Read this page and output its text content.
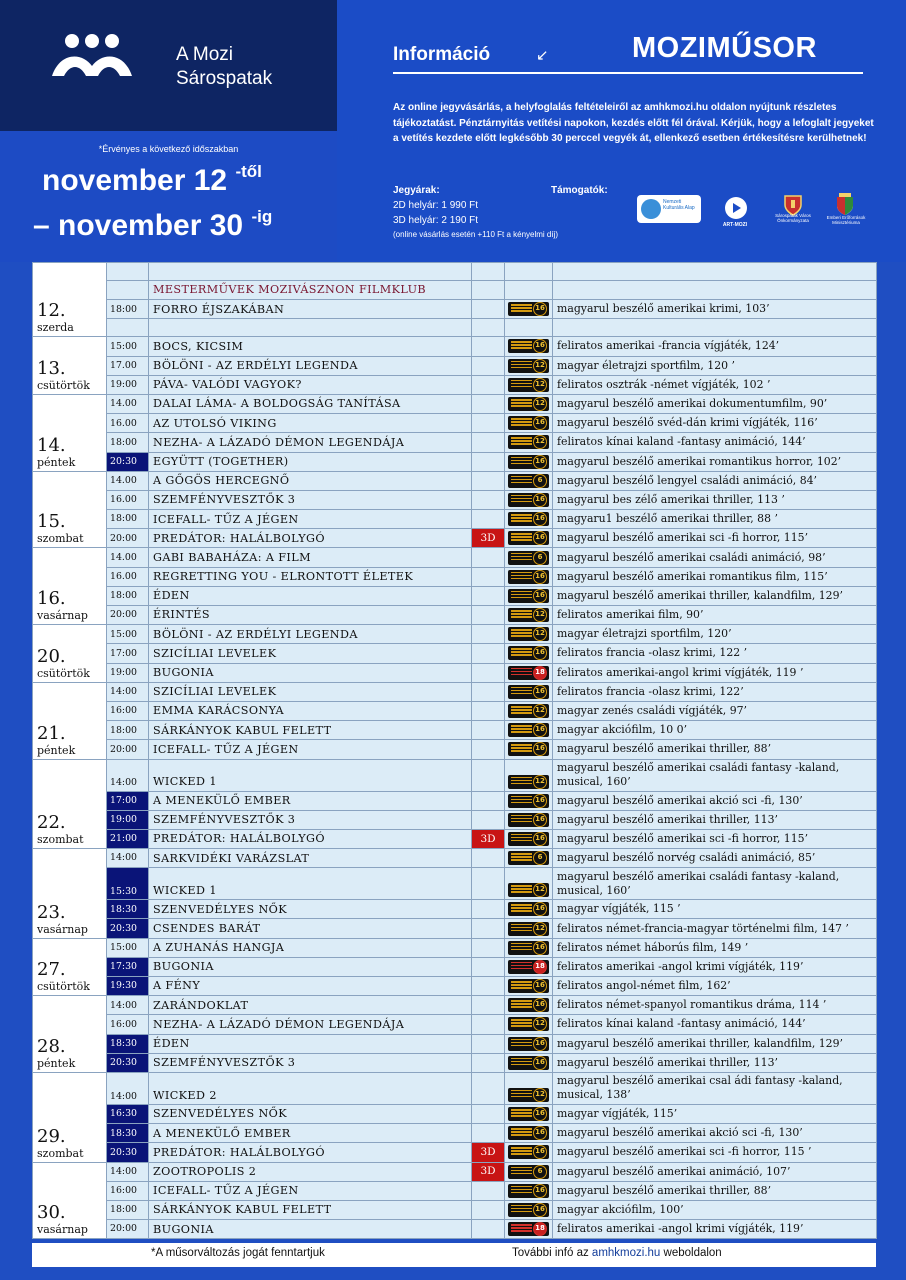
A Mozi
Sárospatak
*Érvényes a következő időszakban
november 12 $^{-től}$
– november 30 $^{-ig}$
Információ	↙	MOZIMŰSOR
Az online jegyvásárlás, a helyfoglalás feltételeiről az amhkmozi.hu oldalon nyújtunk részletes tájékoztatást. Pénztárnyitás vetítési napokon, kezdés előtt fél órával. Kérjük, hogy a lefoglalt jegyeket a vetítés kezdete előtt legkésőbb 30 perccel vegyék át, ellenkező esetben értékesítésre kerülhetnek!
Jegyárak:
2D helyár: 1 990 Ft
3D helyár: 2 190 Ft
(online vásárlás esetén +110 Ft a kényelmi díj)
Támogatók:
Nemzeti Kulturális Alap
ART-MOZI
Sárospatak Város Önkormányzata
Emberi Erőforrások Minisztériuma
12.
szerda					

		MESTERMŰVEK MOZIVÁSZNON FILMKLUB			
	18:00	FORRO ÉJSZAKÁBAN		16	magyarul beszélő amerikai krimi, 103’

13.
csütörtök	15:00	BOCS, KICSIM		16	feliratos amerikai -francia vígjáték, 124’
	17.00	BÖLÖNI - AZ ERDÉLYI LEGENDA		12	magyar életrajzi sportfilm, 120 ’
	19:00	PÁVA- VALÓDI VAGYOK?		12	feliratos osztrák -német vígjáték, 102 ’

14.
péntek	14.00	DALAI LÁMA- A BOLDOGSÁG TANÍTÁSA		12	magyarul beszélő amerikai dokumentumfilm, 90’
	16.00	AZ UTOLSÓ VIKING		16	magyarul beszélő svéd-dán krimi vígjáték, 116’
	18:00	NEZHA- A LÁZADÓ DÉMON LEGENDÁJA		12	feliratos kínai kaland -fantasy animáció, 144’
	20:30	EGYÜTT (TOGETHER)		16	magyarul beszélő amerikai romantikus horror, 102’

15.
szombat	14.00	A GŐGÖS HERCEGNŐ		6	magyarul beszélő lengyel családi animáció, 84’
	16.00	SZEMFÉNYVESZTŐK 3		16	magyarul bes zélő amerikai thriller, 113 ’
	18:00	ICEFALL- TŰZ A JÉGEN		16	magyaru1 beszélő amerikai thriller, 88 ’
	20:00	PREDÁTOR: HALÁLBOLYGÓ	3D	16	magyarul beszélő amerikai sci -fi horror, 115’

16.
vasárnap	14.00	GABI BABAHÁZA: A FILM		6	magyarul beszélő amerikai családi animáció, 98’
	16.00	REGRETTING YOU - ELRONTOTT ÉLETEK		16	magyarul beszélő amerikai romantikus film, 115’
	18:00	ÉDEN		16	magyarul beszélő amerikai thriller, kalandfilm, 129’
	20:00	ÉRINTÉS		12	feliratos amerikai film, 90’

20.
csütörtök	15:00	BÖLÖNI - AZ ERDÉLYI LEGENDA		12	magyar életrajzi sportfilm, 120’
	17:00	SZICÍLIAI LEVELEK		16	feliratos francia -olasz krimi, 122 ’
	19:00	BUGONIA		18	feliratos amerikai-angol krimi vígjáték, 119 ’

21.
péntek	14:00	SZICÍLIAI LEVELEK		16	feliratos francia -olasz krimi, 122’
	16:00	EMMA KARÁCSONYA		12	magyar zenés családi vígjáték, 97’
	18:00	SÁRKÁNYOK KABUL FELETT		16	magyar akciófilm, 10 0’
	20:00	ICEFALL- TŰZ A JÉGEN		16	magyarul beszélő amerikai thriller, 88’

22.
szombat	14:00	WICKED 1		12	magyarul beszélő amerikai családi fantasy -kaland, musical, 160’
	17:00	A MENEKÜLŐ EMBER		16	magyarul beszélő amerikai akció sci -fi, 130’
	19:00	SZEMFÉNYVESZTŐK 3		16	magyarul beszélő amerikai thriller, 113’
	21:00	PREDÁTOR: HALÁLBOLYGÓ	3D	16	magyarul beszélő amerikai sci -fi horror, 115’

23.
vasárnap	14:00	SARKVIDÉKI VARÁZSLAT		6	magyarul beszélő norvég családi animáció, 85’
	15:30	WICKED 1		12	magyarul beszélő amerikai családi fantasy -kaland, musical, 160’
	18:30	SZENVEDÉLYES NŐK		16	magyar vígjáték, 115 ’
	20:30	CSENDES BARÁT		12	feliratos német-francia-magyar történelmi film, 147 ’

27.
csütörtök	15:00	A ZUHANÁS HANGJA		16	feliratos német háborús film, 149 ’
	17:30	BUGONIA		18	feliratos amerikai -angol krimi vígjáték, 119’
	19:30	A FÉNY		16	feliratos angol-német film, 162’

28.
péntek	14:00	ZARÁNDOKLAT		16	feliratos német-spanyol romantikus dráma, 114 ’
	16:00	NEZHA- A LÁZADÓ DÉMON LEGENDÁJA		12	feliratos kínai kaland -fantasy animáció, 144’
	18:30	ÉDEN		16	magyarul beszélő amerikai thriller, kalandfilm, 129’
	20:30	SZEMFÉNYVESZTŐK 3		16	magyarul beszélő amerikai thriller, 113’

29.
szombat	14:00	WICKED 2		12	magyarul beszélő amerikai csal ádi fantasy -kaland, musical, 138’
	16:30	SZENVEDÉLYES NŐK		16	magyar vígjáték, 115’
	18:30	A MENEKÜLŐ EMBER		16	magyarul beszélő amerikai akció sci -fi, 130’
	20:30	PREDÁTOR: HALÁLBOLYGÓ	3D	16	magyarul beszélő amerikai sci -fi horror, 115 ’

30.
vasárnap	14:00	ZOOTROPOLIS 2	3D	6	magyarul beszélő amerikai animáció, 107’
	16:00	ICEFALL- TŰZ A JÉGEN		16	magyarul beszélő amerikai thriller, 88’
	18:00	SÁRKÁNYOK KABUL FELETT		16	magyar akciófilm, 100’
	20:00	BUGONIA		18	feliratos amerikai -angol krimi vígjáték, 119’
*A műsorváltozás jogát fenntartjuk	További infó az amhkmozi.hu weboldalon
